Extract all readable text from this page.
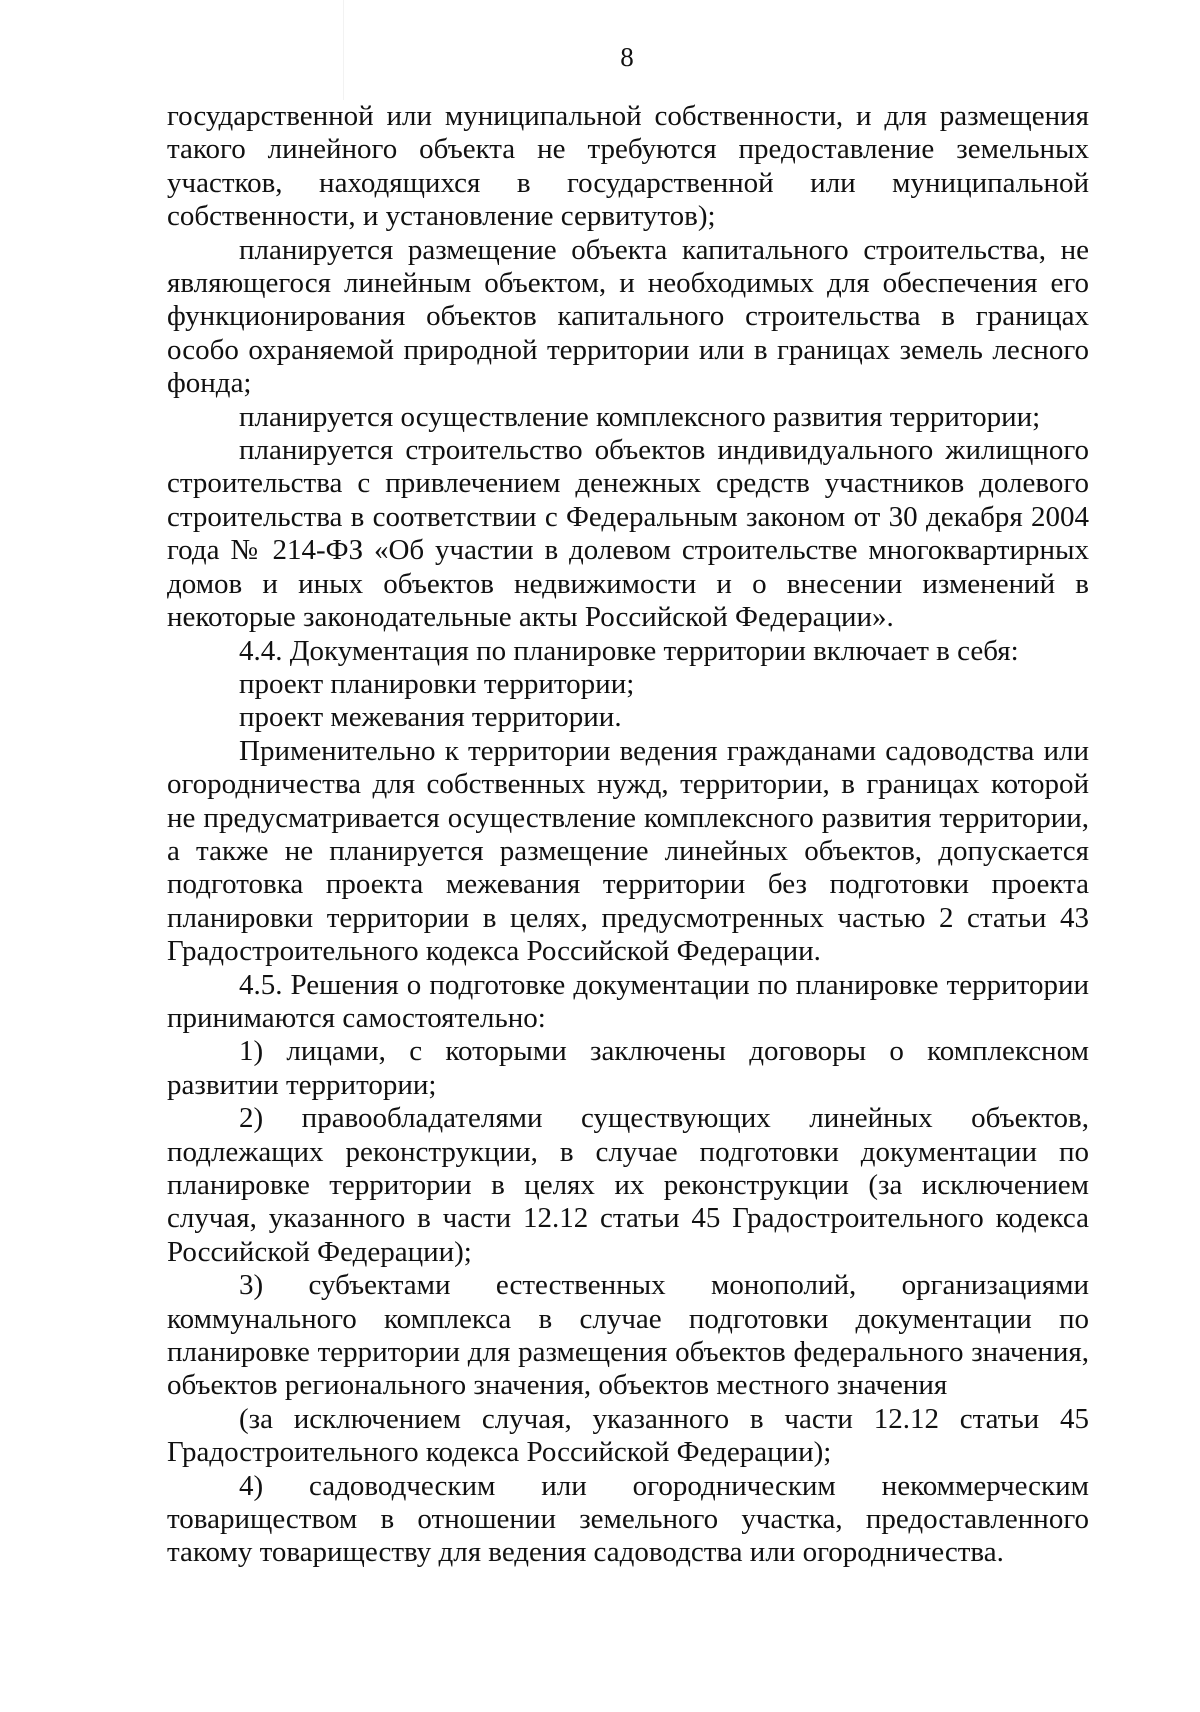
8

государственной или муниципальной собственности, и для размещения такого линейного объекта не требуются предоставление земельных участков, находящихся в государственной или муниципальной собственности, и установление сервитутов);

планируется размещение объекта капитального строительства, не являющегося линейным объектом, и необходимых для обеспечения его функционирования объектов капитального строительства в границах особо охраняемой природной территории или в границах земель лесного фонда;

планируется осуществление комплексного развития территории;

планируется строительство объектов индивидуального жилищного строительства с привлечением денежных средств участников долевого строительства в соответствии с Федеральным законом от 30 декабря 2004 года № 214-ФЗ «Об участии в долевом строительстве многоквартирных домов и иных объектов недвижимости и о внесении изменений в некоторые законодательные акты Российской Федерации».

4.4. Документация по планировке территории включает в себя:

проект планировки территории;

проект межевания территории.

Применительно к территории ведения гражданами садоводства или огородничества для собственных нужд, территории, в границах которой не предусматривается осуществление комплексного развития территории, а также не планируется размещение линейных объектов, допускается подготовка проекта межевания территории без подготовки проекта планировки территории в целях, предусмотренных частью 2 статьи 43 Градостроительного кодекса Российской Федерации.

4.5. Решения о подготовке документации по планировке территории принимаются самостоятельно:

1) лицами, с которыми заключены договоры о комплексном развитии территории;

2) правообладателями существующих линейных объектов, подлежащих реконструкции, в случае подготовки документации по планировке территории в целях их реконструкции (за исключением случая, указанного в части 12.12 статьи 45 Градостроительного кодекса Российской Федерации);

3) субъектами естественных монополий, организациями коммунального комплекса в случае подготовки документации по планировке территории для размещения объектов федерального значения, объектов регионального значения, объектов местного значения

(за исключением случая, указанного в части 12.12 статьи 45 Градостроительного кодекса Российской Федерации);

4) садоводческим или огородническим некоммерческим товариществом в отношении земельного участка, предоставленного такому товариществу для ведения садоводства или огородничества.
